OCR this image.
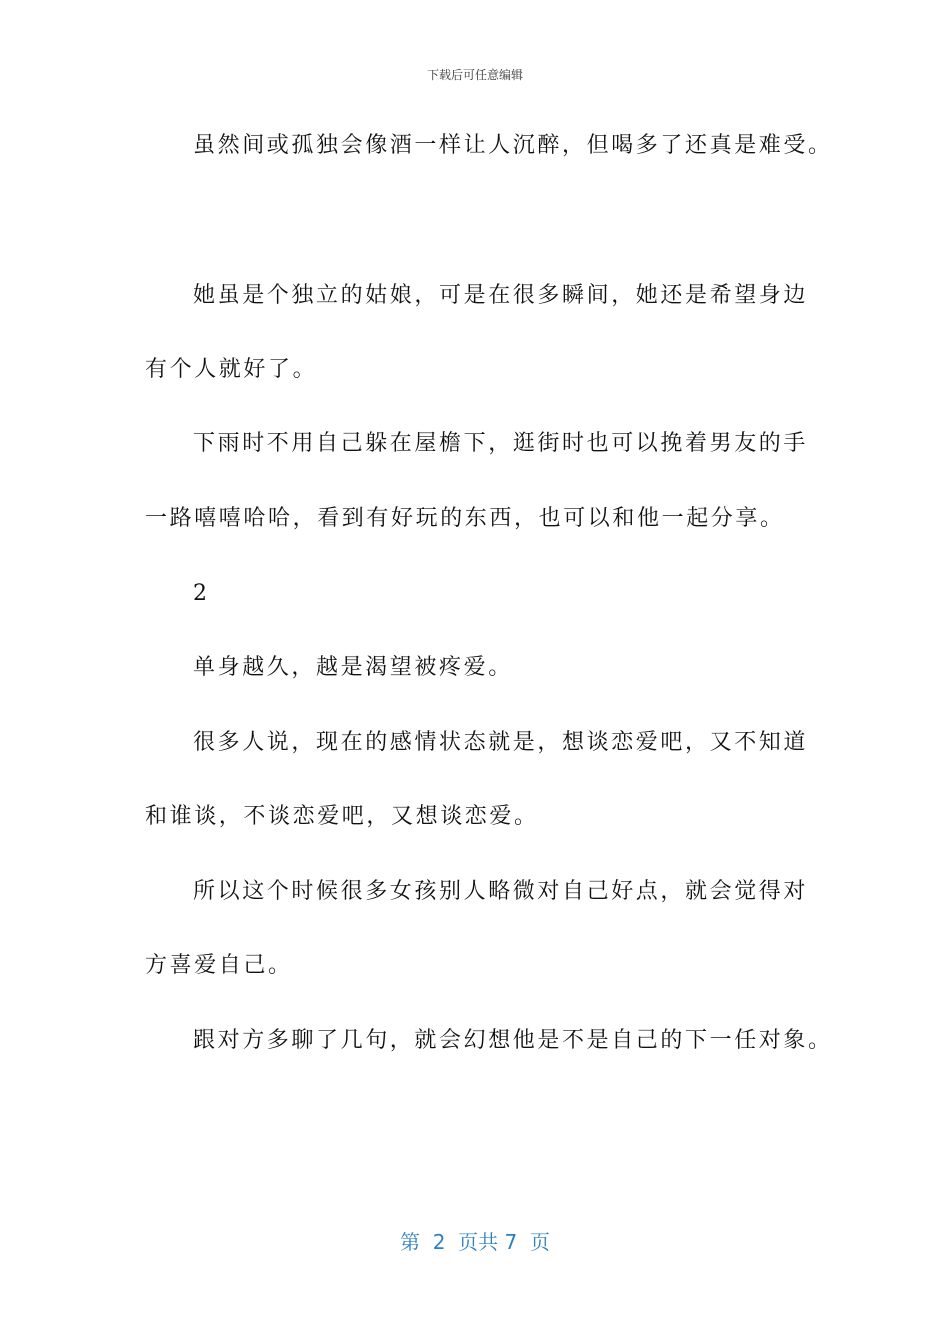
下载后可任意编辑
虽然间或孤独会像酒一样让人沉醉，但喝多了还真是难受。
她虽是个独立的姑娘，可是在很多瞬间，她还是希望身边
有个人就好了。
下雨时不用自己躲在屋檐下，逛街时也可以挽着男友的手
一路嘻嘻哈哈，看到有好玩的东西，也可以和他一起分享。
2
单身越久，越是渴望被疼爱。
很多人说，现在的感情状态就是，想谈恋爱吧，又不知道
和谁谈，不谈恋爱吧，又想谈恋爱。
所以这个时候很多女孩别人略微对自己好点，就会觉得对
方喜爱自己。
跟对方多聊了几句，就会幻想他是不是自己的下一任对象。
第  2  页共 7  页
